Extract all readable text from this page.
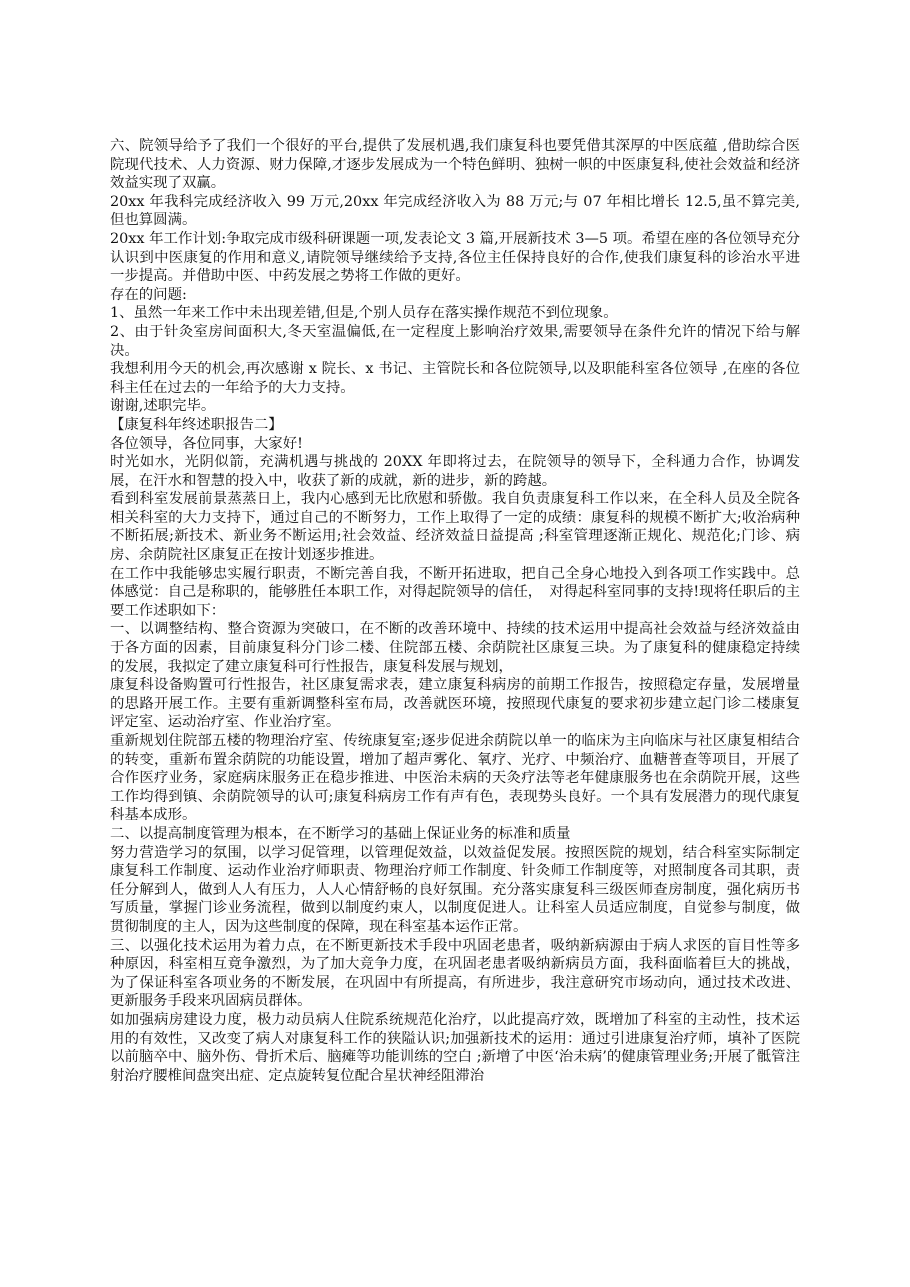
六、院领导给予了我们一个很好的平台,提供了发展机遇,我们康复科也要凭借其深厚的中医底蕴 ,借助综合医院现代技术、人力资源、财力保障,才逐步发展成为一个特色鲜明、独树一帜的中医康复科,使社会效益和经济效益实现了双赢。

20xx 年我科完成经济收入 99 万元,20xx 年完成经济收入为 88 万元;与 07 年相比增长 12.5,虽不算完美,但也算圆满。

20xx 年工作计划:争取完成市级科研课题一项,发表论文 3 篇,开展新技术 3—5 项。希望在座的各位领导充分认识到中医康复的作用和意义,请院领导继续给予支持,各位主任保持良好的合作,使我们康复科的诊治水平进一步提高。并借助中医、中药发展之势将工作做的更好。

存在的问题:

1、虽然一年来工作中未出现差错,但是,个别人员存在落实操作规范不到位现象。

2、由于针灸室房间面积大,冬天室温偏低,在一定程度上影响治疗效果,需要领导在条件允许的情况下给与解决。

我想利用今天的机会,再次感谢 x 院长、x 书记、主管院长和各位院领导,以及职能科室各位领导 ,在座的各位科主任在过去的一年给予的大力支持。

谢谢,述职完毕。

【康复科年终述职报告二】

各位领导，各位同事，大家好!

时光如水，光阴似箭，充满机遇与挑战的 20XX 年即将过去，在院领导的领导下，全科通力合作，协调发展，在汗水和智慧的投入中，收获了新的成就，新的进步，新的跨越。

看到科室发展前景蒸蒸日上，我内心感到无比欣慰和骄傲。我自负责康复科工作以来，在全科人员及全院各相关科室的大力支持下，通过自己的不断努力，工作上取得了一定的成绩：康复科的规模不断扩大;收治病种不断拓展;新技术、新业务不断运用;社会效益、经济效益日益提高 ;科室管理逐渐正规化、规范化;门诊、病房、余荫院社区康复正在按计划逐步推进。

在工作中我能够忠实履行职责，不断完善自我，不断开拓进取，把自己全身心地投入到各项工作实践中。总体感觉：自己是称职的，能够胜任本职工作，对得起院领导的信任，　对得起科室同事的支持!现将任职后的主要工作述职如下：

一、以调整结构、整合资源为突破口，在不断的改善环境中、持续的技术运用中提高社会效益与经济效益由于各方面的因素，目前康复科分门诊二楼、住院部五楼、余荫院社区康复三块。为了康复科的健康稳定持续的发展，我拟定了建立康复科可行性报告，康复科发展与规划，

康复科设备购置可行性报告，社区康复需求表，建立康复科病房的前期工作报告，按照稳定存量，发展增量的思路开展工作。主要有重新调整科室布局，改善就医环境，按照现代康复的要求初步建立起门诊二楼康复评定室、运动治疗室、作业治疗室。

重新规划住院部五楼的物理治疗室、传统康复室;逐步促进余荫院以单一的临床为主向临床与社区康复相结合的转变，重新布置余荫院的功能设置，增加了超声雾化、氧疗、光疗、中频治疗、血糖普查等项目，开展了合作医疗业务，家庭病床服务正在稳步推进、中医治未病的天灸疗法等老年健康服务也在余荫院开展，这些工作均得到镇、余荫院领导的认可;康复科病房工作有声有色，表现势头良好。一个具有发展潜力的现代康复科基本成形。

二、以提高制度管理为根本，在不断学习的基础上保证业务的标准和质量

努力营造学习的氛围，以学习促管理，以管理促效益，以效益促发展。按照医院的规划，结合科室实际制定康复科工作制度、运动作业治疗师职责、物理治疗师工作制度、针灸师工作制度等，对照制度各司其职，责任分解到人，做到人人有压力，人人心情舒畅的良好氛围。充分落实康复科三级医师查房制度，强化病历书写质量，掌握门诊业务流程，做到以制度约束人，以制度促进人。让科室人员适应制度，自觉参与制度，做贯彻制度的主人，因为这些制度的保障，现在科室基本运作正常。

三、以强化技术运用为着力点，在不断更新技术手段中巩固老患者，吸纳新病源由于病人求医的盲目性等多种原因，科室相互竟争激烈，为了加大竞争力度，在巩固老患者吸纳新病员方面，我科面临着巨大的挑战，为了保证科室各项业务的不断发展，在巩固中有所提高，有所进步，我注意研究市场动向，通过技术改进、更新服务手段来巩固病员群体。

如加强病房建设力度，极力动员病人住院系统规范化治疗，以此提高疗效，既增加了科室的主动性，技术运用的有效性，又改变了病人对康复科工作的狭隘认识;加强新技术的运用：通过引进康复治疗师，填补了医院以前脑卒中、脑外伤、骨折术后、脑瘫等功能训练的空白 ;新增了中医‘治未病’的健康管理业务;开展了骶管注射治疗腰椎间盘突出症、定点旋转复位配合星状神经阻滞治
